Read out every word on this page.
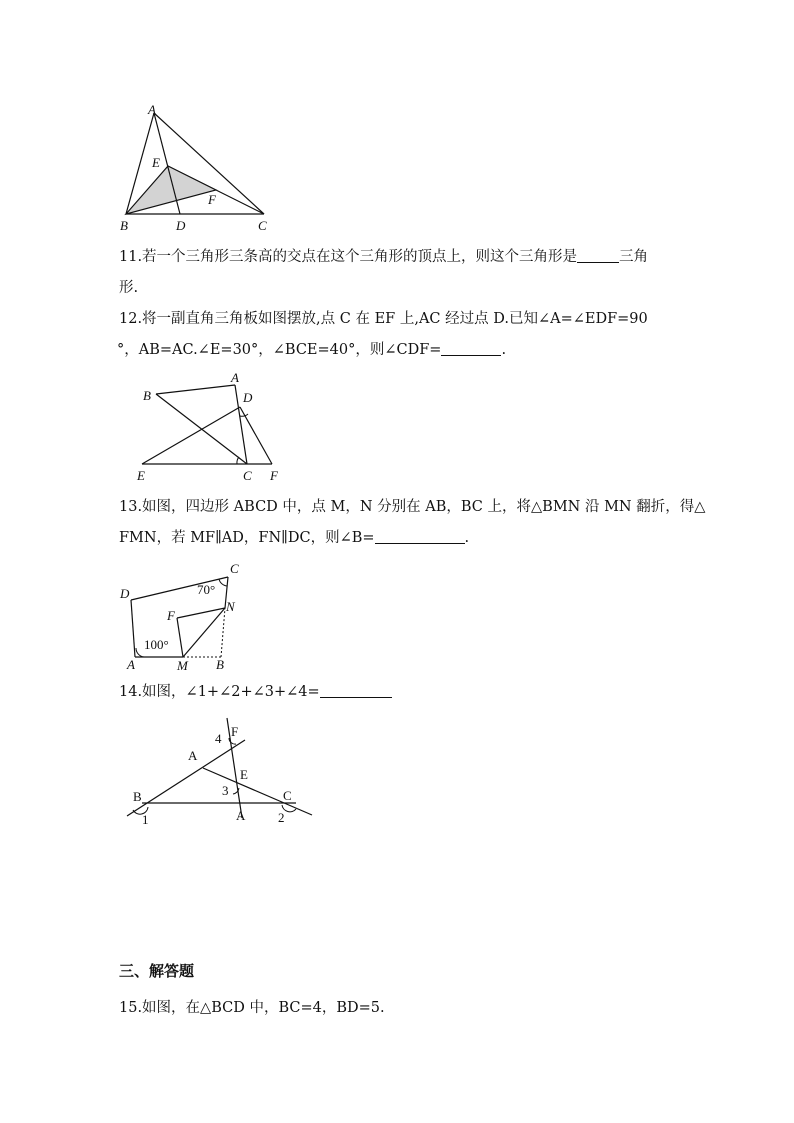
A
E
F
B	D	C
11.若一个三角形三条高的交点在这个三角形的顶点上，则这个三角形是	三角
形.
12.将一副直角三角板如图摆放,点 C 在 EF 上,AC 经过点 D.已知∠A=∠EDF=90
°，AB=AC.∠E=30°，∠BCE=40°，则∠CDF=	.
A
B	D
E	C F
13.如图，四边形 ABCD 中，点 M，N 分别在 AB，BC 上，将△BMN 沿 MN 翻折，得△
FMN，若 MF∥AD，FN∥DC，则∠B=	.
D
C
70°
N
F
100°
A	M B
14.如图，∠1+∠2+∠3+∠4=
4 F
A
E
B	3	C
1	A	2
三、解答题
15.如图，在△BCD 中，BC=4，BD=5.
